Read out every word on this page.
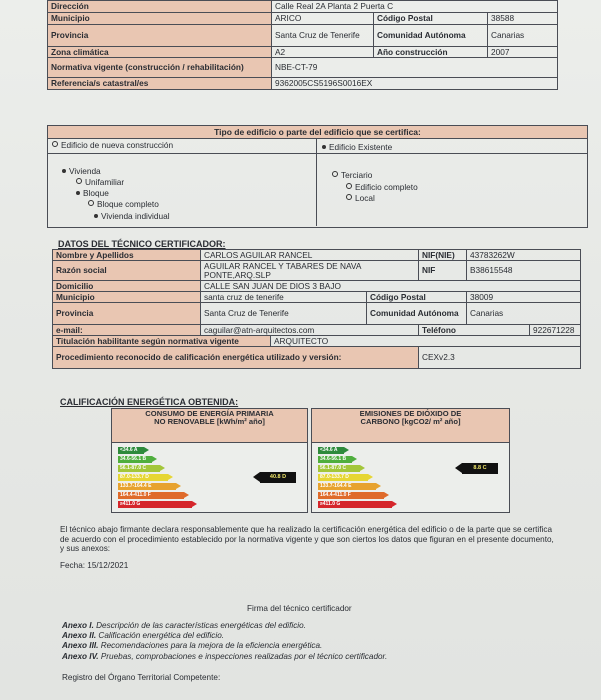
Dirección	Calle Real 2A Planta 2 Puerta C		
Municipio	ARICO	Código Postal	38588
Provincia	Santa Cruz de Tenerife	Comunidad Autónoma	Canarias
Zona climática	A2	Año construcción	2007
Normativa vigente (construcción / rehabilitación)	NBE-CT-79		
Referencia/s catastral/es	9362005CS5196S0016EX		
Tipo de edificio o parte del edificio que se certifica:
Edificio de nueva construcción	Edificio Existente
Vivienda
Unifamiliar
Bloque
Bloque completo
Vivienda individual
Terciario
Edificio completo
Local
DATOS DEL TÉCNICO CERTIFICADOR:
Nombre y Apellidos	CARLOS AGUILAR RANCEL			NIF(NIE)	43783262W	
Razón social	AGUILAR RANCEL Y TABARES DE NAVA PONTE,ARQ.SLP			NIF	B38615548	
Domicilio	CALLE SAN JUAN DE DIOS 3 BAJO					
Municipio	santa cruz de tenerife		Código Postal		38009	
Provincia	Santa Cruz de Tenerife		Comunidad Autónoma		Canarias	
e-mail:	caguilar@atn-arquitectos.com			Teléfono		922671228
Titulación habilitante según normativa vigente		ARQUITECTO				
Procedimiento reconocido de calificación energética utilizado y versión:				CEXv2.3		
CALIFICACIÓN ENERGÉTICA OBTENIDA:
CONSUMO DE ENERGÍA PRIMARIA NO RENOVABLE [kWh/m² año]
<34.6 A
34.6-56.1 B
56.1-87.0 C
87.0-133.7 D
133.7-164.4 E
164.4-411.0 F
≥411.0 G
40.8 D
EMISIONES DE DIÓXIDO DE CARBONO [kgCO2/ m² año]
<34.6 A
34.6-56.1 B
56.1-87.0 C
87.0-133.7 D
133.7-164.4 E
164.4-411.0 F
≥411.0 G
8.8 C
El técnico abajo firmante declara responsablemente que ha realizado la certificación energética del edificio o de la parte que se certifica de acuerdo con el procedimiento establecido por la normativa vigente y que son ciertos los datos que figuran en el presente documento, y sus anexos:
Fecha: 15/12/2021
Firma del técnico certificador
Anexo I. Descripción de las características energéticas del edificio.
Anexo II. Calificación energética del edificio.
Anexo III. Recomendaciones para la mejora de la eficiencia energética.
Anexo IV. Pruebas, comprobaciones e inspecciones realizadas por el técnico certificador.
Registro del Órgano Territorial Competente:
